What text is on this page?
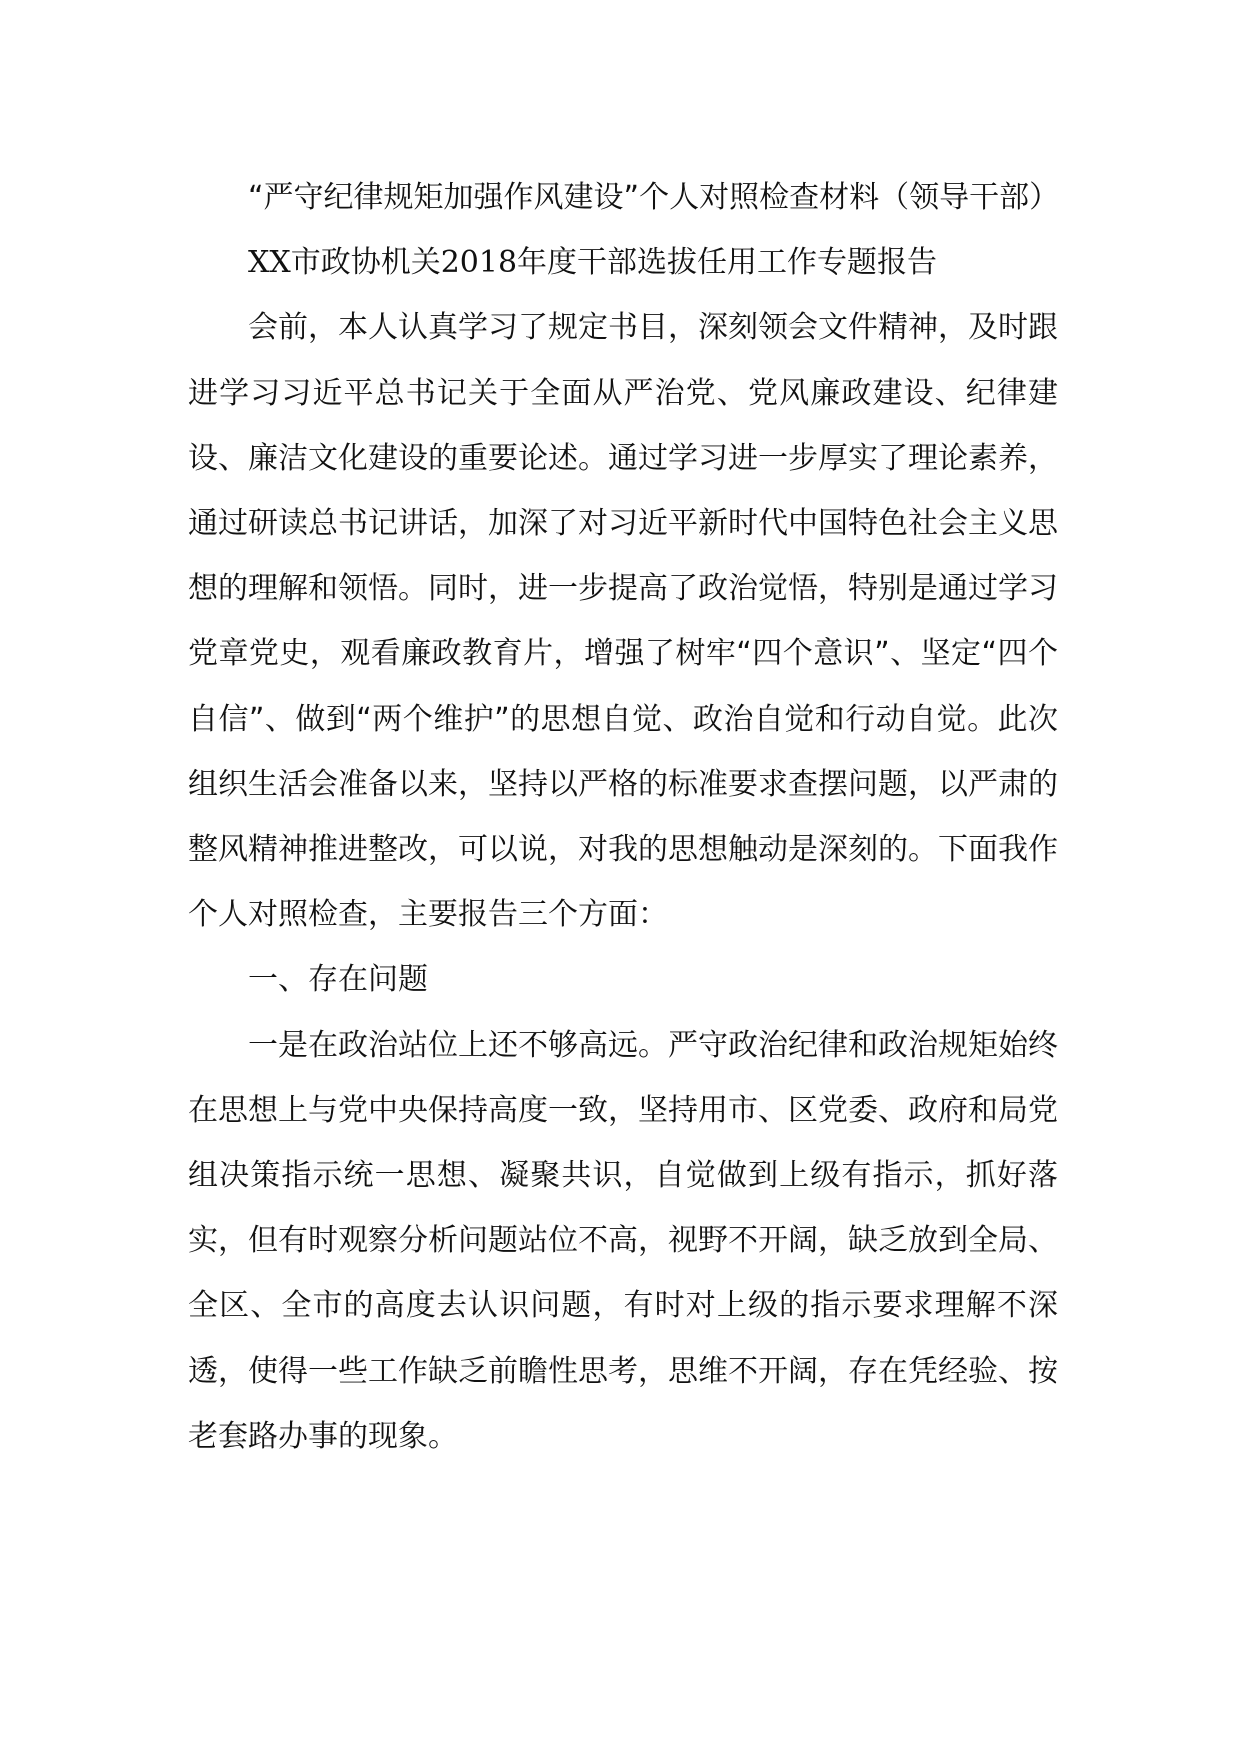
“严守纪律规矩加强作风建设”个人对照检查材料（领导干部）

XX市政协机关2018年度干部选拔任用工作专题报告

会前，本人认真学习了规定书目，深刻领会文件精神，及时跟进学习习近平总书记关于全面从严治党、党风廉政建设、纪律建设、廉洁文化建设的重要论述。通过学习进一步厚实了理论素养，通过研读总书记讲话，加深了对习近平新时代中国特色社会主义思想的理解和领悟。同时，进一步提高了政治觉悟，特别是通过学习党章党史，观看廉政教育片，增强了树牢“四个意识”、坚定“四个自信”、做到“两个维护”的思想自觉、政治自觉和行动自觉。此次组织生活会准备以来，坚持以严格的标准要求查摆问题，以严肃的整风精神推进整改，可以说，对我的思想触动是深刻的。下面我作个人对照检查，主要报告三个方面：

一、存在问题

一是在政治站位上还不够高远。严守政治纪律和政治规矩始终在思想上与党中央保持高度一致，坚持用市、区党委、政府和局党组决策指示统一思想、凝聚共识，自觉做到上级有指示，抓好落实，但有时观察分析问题站位不高，视野不开阔，缺乏放到全局、全区、全市的高度去认识问题，有时对上级的指示要求理解不深透，使得一些工作缺乏前瞻性思考，思维不开阔，存在凭经验、按老套路办事的现象。
